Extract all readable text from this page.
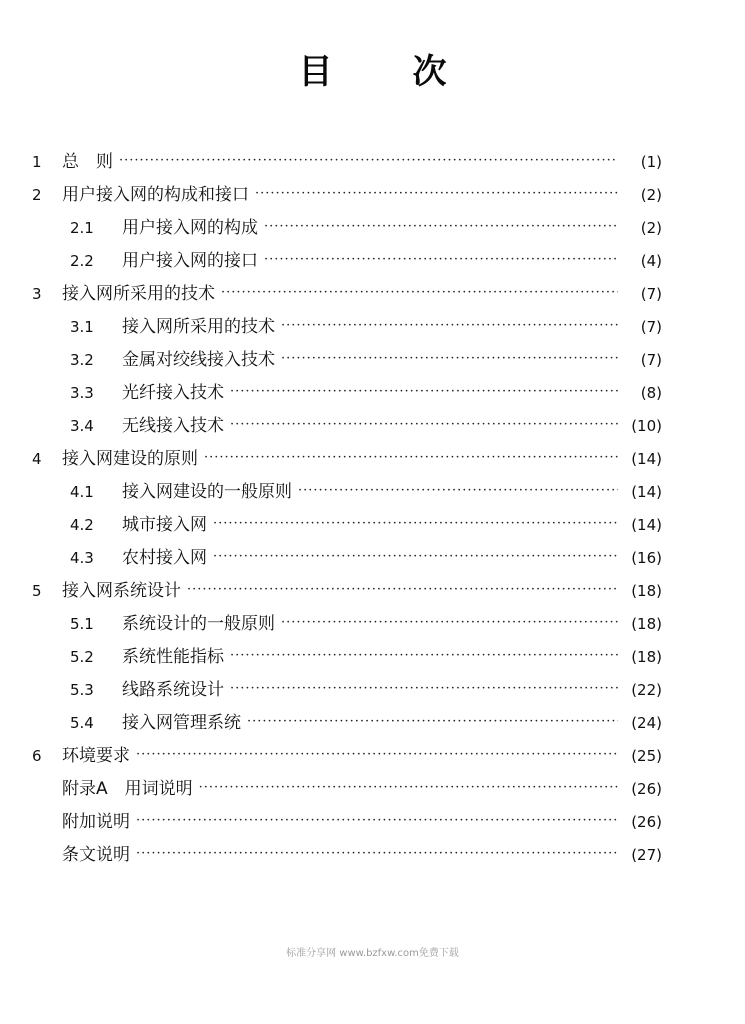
目 次
1	总　则 ·····	(1)
2	用户接入网的构成和接口 ·····	(2)
2.1	用户接入网的构成 ·····	(2)
2.2	用户接入网的接口 ·····	(4)
3	接入网所采用的技术 ·····	(7)
3.1	接入网所采用的技术 ·····	(7)
3.2	金属对绞线接入技术 ·····	(7)
3.3	光纤接入技术 ·····	(8)
3.4	无线接入技术 ·····	(10)
4	接入网建设的原则 ·····	(14)
4.1	接入网建设的一般原则 ·····	(14)
4.2	城市接入网 ·····	(14)
4.3	农村接入网 ·····	(16)
5	接入网系统设计 ·····	(18)
5.1	系统设计的一般原则 ·····	(18)
5.2	系统性能指标 ·····	(18)
5.3	线路系统设计 ·····	(22)
5.4	接入网管理系统 ·····	(24)
6	环境要求 ·····	(25)
附录A　用词说明 ·····	(26)
附加说明 ·····	(26)
条文说明 ·····	(27)
标准分享网 www.bzfxw.com免费下载
